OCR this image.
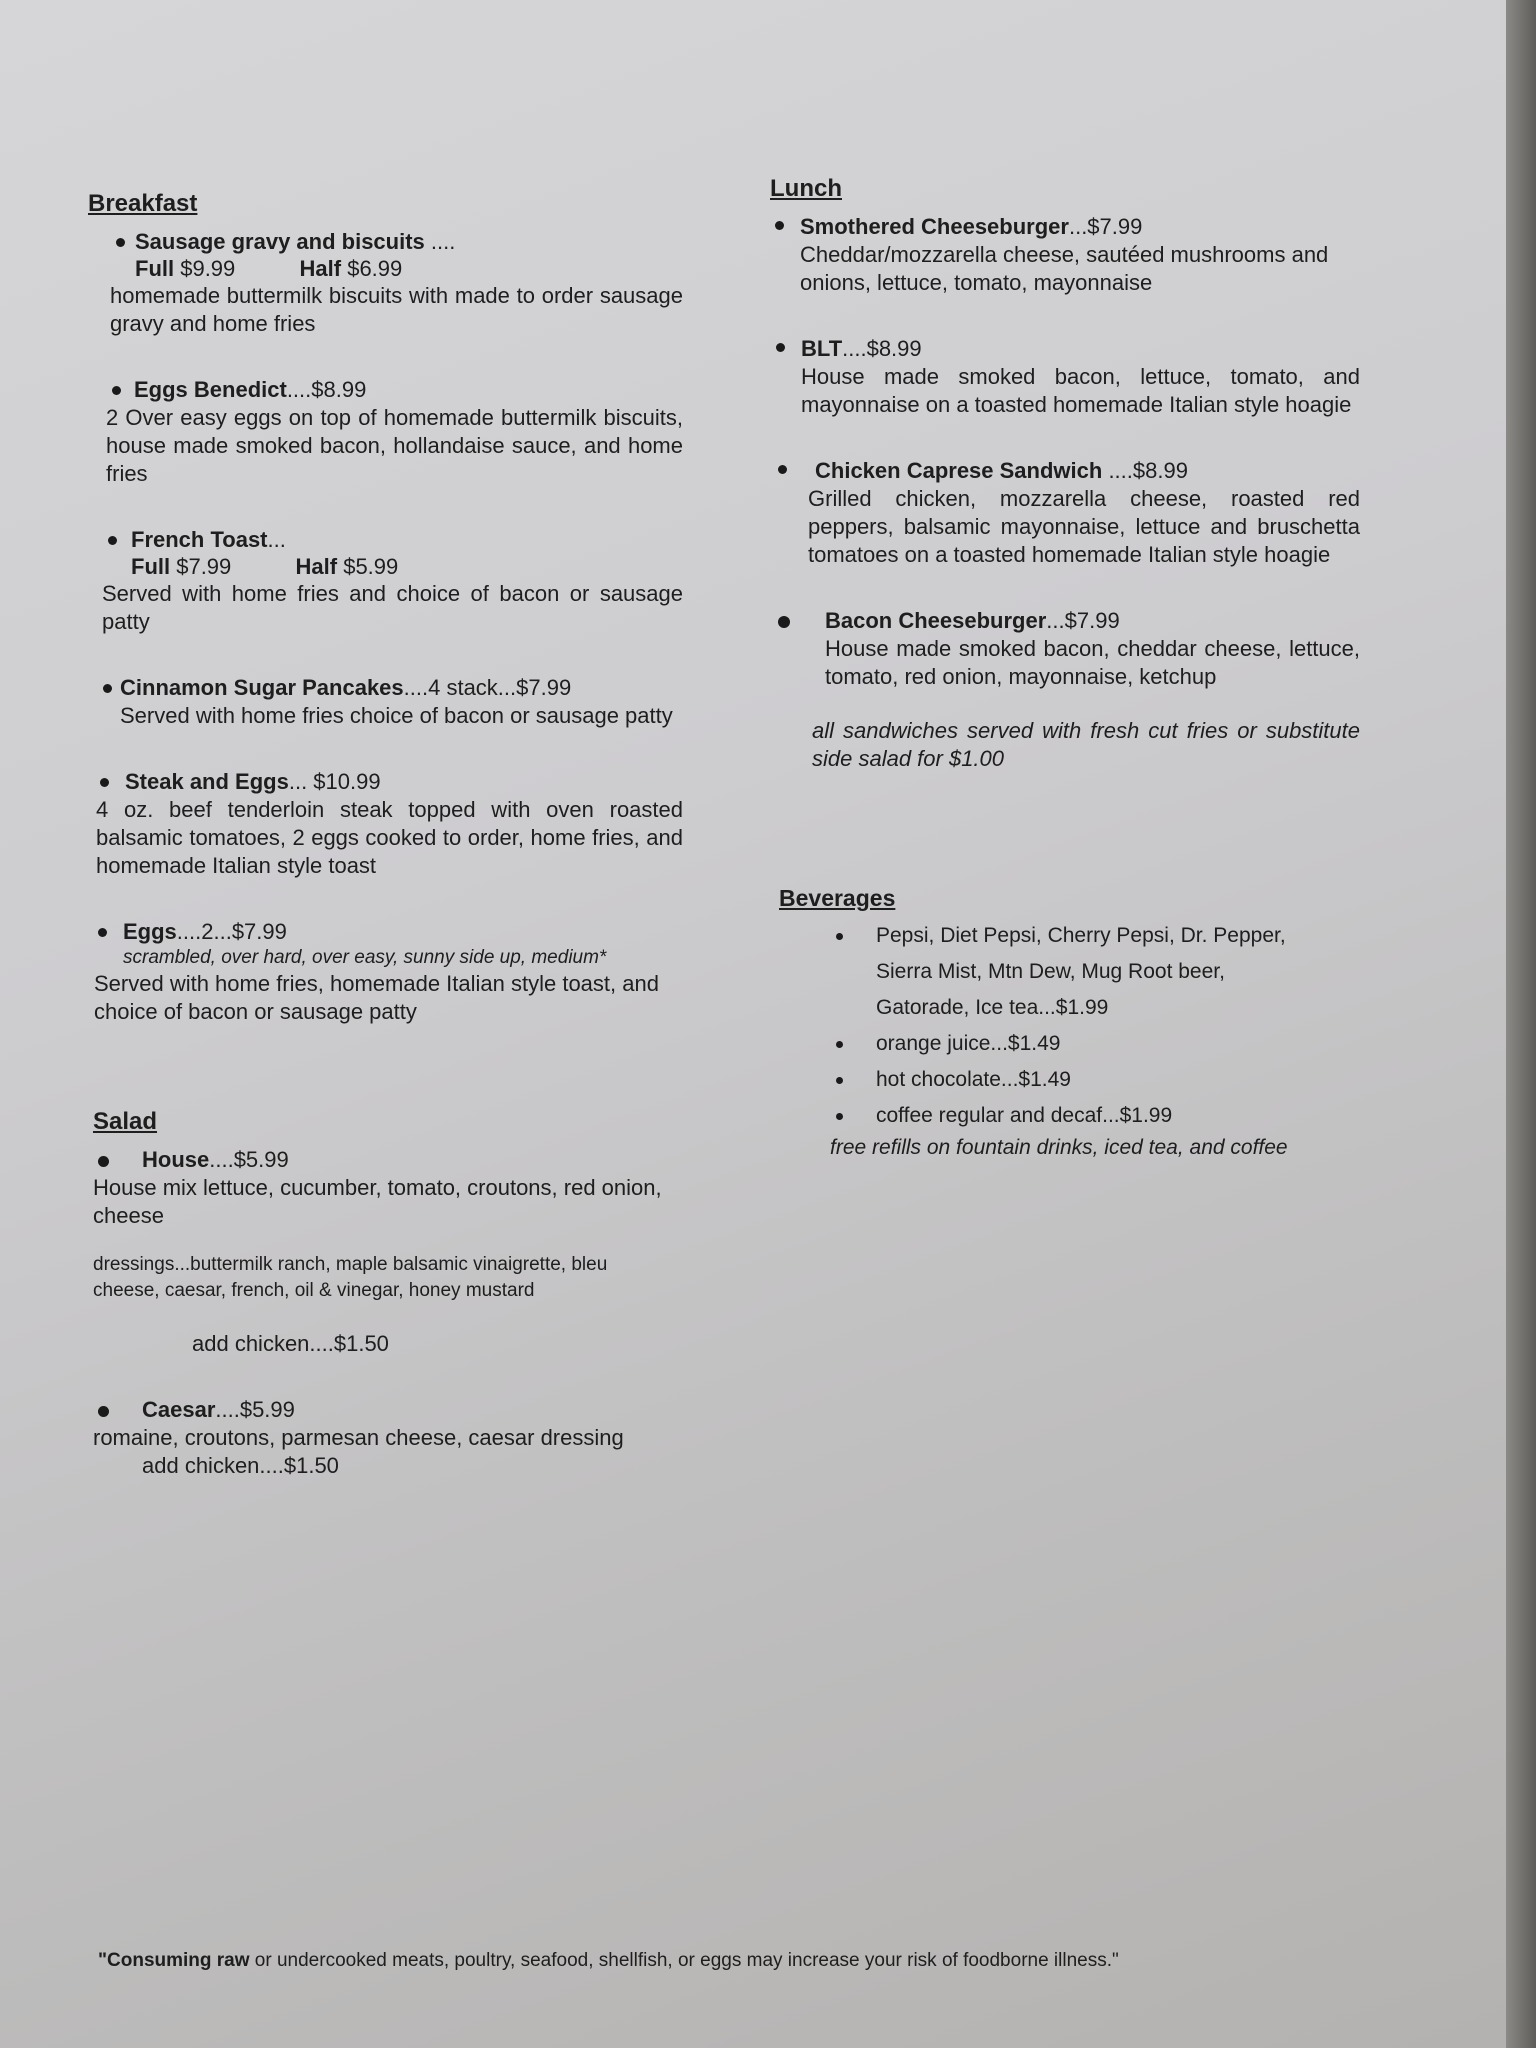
Breakfast
Sausage gravy and biscuits ....
Full $9.99	Half $6.99
homemade buttermilk biscuits with made to order sausage gravy and home fries
Eggs Benedict....$8.99
2 Over easy eggs on top of homemade buttermilk biscuits, house made smoked bacon, hollandaise sauce, and home fries
French Toast...
Full $7.99	Half $5.99
Served with home fries and choice of bacon or sausage patty
Cinnamon Sugar Pancakes....4 stack...$7.99
Served with home fries choice of bacon or sausage patty
Steak and Eggs... $10.99
4 oz. beef tenderloin steak topped with oven roasted balsamic tomatoes, 2 eggs cooked to order, home fries, and homemade Italian style toast
Eggs....2...$7.99
scrambled, over hard, over easy, sunny side up, medium*
Served with home fries, homemade Italian style toast, and choice of bacon or sausage patty
Salad
House....$5.99
House mix lettuce, cucumber, tomato, croutons, red onion, cheese
dressings...buttermilk ranch, maple balsamic vinaigrette, bleu cheese, caesar, french, oil & vinegar, honey mustard
add chicken....$1.50
Caesar....$5.99
romaine, croutons, parmesan cheese, caesar dressing
add chicken....$1.50
Lunch
Smothered Cheeseburger...$7.99
Cheddar/mozzarella cheese, sautéed mushrooms and onions, lettuce, tomato, mayonnaise
BLT....$8.99
House made smoked bacon, lettuce, tomato, and mayonnaise on a toasted homemade Italian style hoagie
Chicken Caprese Sandwich ....$8.99
Grilled chicken, mozzarella cheese, roasted red peppers, balsamic mayonnaise, lettuce and bruschetta tomatoes on a toasted homemade Italian style hoagie
Bacon Cheeseburger...$7.99
House made smoked bacon, cheddar cheese, lettuce, tomato, red onion, mayonnaise, ketchup
all sandwiches served with fresh cut fries or substitute side salad for $1.00
Beverages
Pepsi, Diet Pepsi, Cherry Pepsi, Dr. Pepper,
Sierra Mist, Mtn Dew, Mug Root beer,
Gatorade, Ice tea...$1.99
orange juice...$1.49
hot chocolate...$1.49
coffee regular and decaf...$1.99
free refills on fountain drinks, iced tea, and coffee
"Consuming raw or undercooked meats, poultry, seafood, shellfish, or eggs may increase your risk of foodborne illness."
